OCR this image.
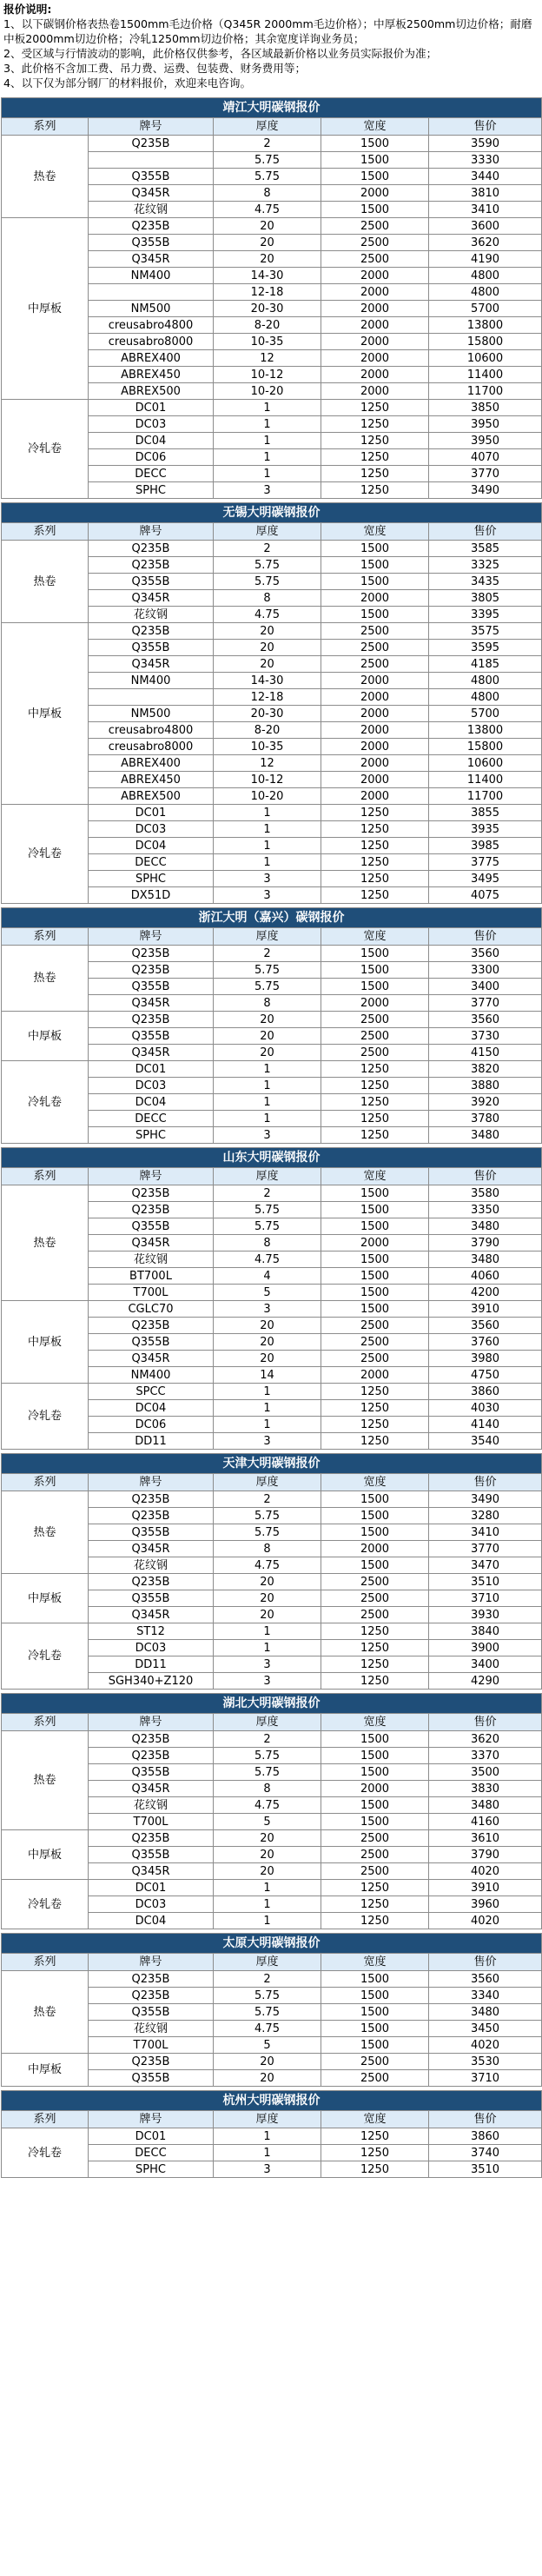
报价说明:
1、以下碳钢价格表热卷1500mm毛边价格（Q345R 2000mm毛边价格）；中厚板2500mm切边价格；耐磨中板2000mm切边价格；冷轧1250mm切边价格；其余宽度详询业务员；
2、受区域与行情波动的影响，此价格仅供参考，各区域最新价格以业务员实际报价为准；
3、此价格不含加工费、吊力费、运费、包装费、财务费用等；
4、以下仅为部分钢厂的材料报价，欢迎来电咨询。
靖江大明碳钢报价				
系列	牌号	厚度	宽度	售价
热卷	Q235B	2	1500	3590
		5.75	1500	3330
	Q355B	5.75	1500	3440
	Q345R	8	2000	3810
	花纹钢	4.75	1500	3410
中厚板	Q235B	20	2500	3600
	Q355B	20	2500	3620
	Q345R	20	2500	4190
	NM400	14-30	2000	4800
		12-18	2000	4800
	NM500	20-30	2000	5700
	creusabro4800	8-20	2000	13800
	creusabro8000	10-35	2000	15800
	ABREX400	12	2000	10600
	ABREX450	10-12	2000	11400
	ABREX500	10-20	2000	11700
冷轧卷	DC01	1	1250	3850
	DC03	1	1250	3950
	DC04	1	1250	3950
	DC06	1	1250	4070
	DECC	1	1250	3770
	SPHC	3	1250	3490
无锡大明碳钢报价				
系列	牌号	厚度	宽度	售价
热卷	Q235B	2	1500	3585
	Q235B	5.75	1500	3325
	Q355B	5.75	1500	3435
	Q345R	8	2000	3805
	花纹钢	4.75	1500	3395
中厚板	Q235B	20	2500	3575
	Q355B	20	2500	3595
	Q345R	20	2500	4185
	NM400	14-30	2000	4800
		12-18	2000	4800
	NM500	20-30	2000	5700
	creusabro4800	8-20	2000	13800
	creusabro8000	10-35	2000	15800
	ABREX400	12	2000	10600
	ABREX450	10-12	2000	11400
	ABREX500	10-20	2000	11700
冷轧卷	DC01	1	1250	3855
	DC03	1	1250	3935
	DC04	1	1250	3985
	DECC	1	1250	3775
	SPHC	3	1250	3495
	DX51D	3	1250	4075
浙江大明（嘉兴）碳钢报价				
系列	牌号	厚度	宽度	售价
热卷	Q235B	2	1500	3560
	Q235B	5.75	1500	3300
	Q355B	5.75	1500	3400
	Q345R	8	2000	3770
中厚板	Q235B	20	2500	3560
	Q355B	20	2500	3730
	Q345R	20	2500	4150
冷轧卷	DC01	1	1250	3820
	DC03	1	1250	3880
	DC04	1	1250	3920
	DECC	1	1250	3780
	SPHC	3	1250	3480
山东大明碳钢报价				
系列	牌号	厚度	宽度	售价
热卷	Q235B	2	1500	3580
	Q235B	5.75	1500	3350
	Q355B	5.75	1500	3480
	Q345R	8	2000	3790
	花纹钢	4.75	1500	3480
	BT700L	4	1500	4060
	T700L	5	1500	4200
中厚板	CGLC70	3	1500	3910
	Q235B	20	2500	3560
	Q355B	20	2500	3760
	Q345R	20	2500	3980
	NM400	14	2000	4750
冷轧卷	SPCC	1	1250	3860
	DC04	1	1250	4030
	DC06	1	1250	4140
	DD11	3	1250	3540
天津大明碳钢报价				
系列	牌号	厚度	宽度	售价
热卷	Q235B	2	1500	3490
	Q235B	5.75	1500	3280
	Q355B	5.75	1500	3410
	Q345R	8	2000	3770
	花纹钢	4.75	1500	3470
中厚板	Q235B	20	2500	3510
	Q355B	20	2500	3710
	Q345R	20	2500	3930
冷轧卷	ST12	1	1250	3840
	DC03	1	1250	3900
	DD11	3	1250	3400
	SGH340+Z120	3	1250	4290
湖北大明碳钢报价				
系列	牌号	厚度	宽度	售价
热卷	Q235B	2	1500	3620
	Q235B	5.75	1500	3370
	Q355B	5.75	1500	3500
	Q345R	8	2000	3830
	花纹钢	4.75	1500	3480
	T700L	5	1500	4160
中厚板	Q235B	20	2500	3610
	Q355B	20	2500	3790
	Q345R	20	2500	4020
冷轧卷	DC01	1	1250	3910
	DC03	1	1250	3960
	DC04	1	1250	4020
太原大明碳钢报价				
系列	牌号	厚度	宽度	售价
热卷	Q235B	2	1500	3560
	Q235B	5.75	1500	3340
	Q355B	5.75	1500	3480
	花纹钢	4.75	1500	3450
	T700L	5	1500	4020
中厚板	Q235B	20	2500	3530
	Q355B	20	2500	3710
杭州大明碳钢报价				
系列	牌号	厚度	宽度	售价
冷轧卷	DC01	1	1250	3860
	DECC	1	1250	3740
	SPHC	3	1250	3510
